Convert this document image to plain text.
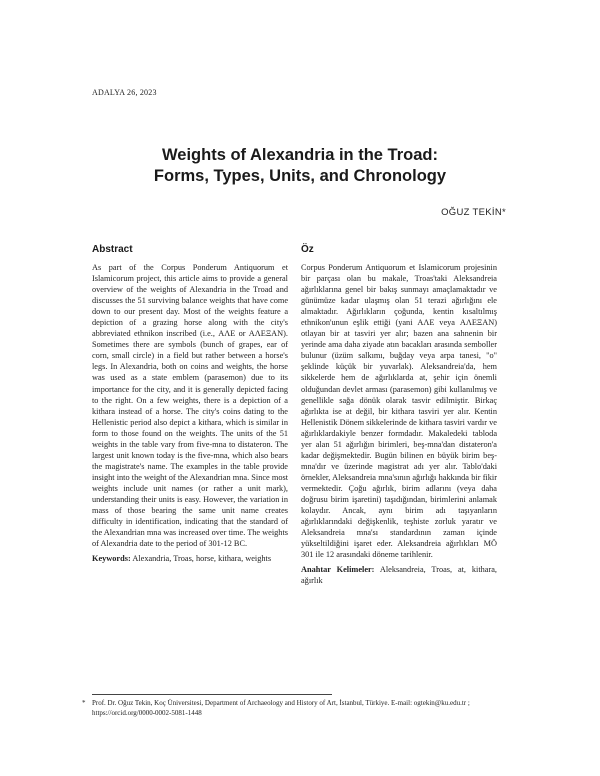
ADALYA 26, 2023
Weights of Alexandria in the Troad:
Forms, Types, Units, and Chronology
OĞUZ TEKİN*
Abstract

As part of the Corpus Ponderum Antiquorum et Islamicorum project, this article aims to provide a general overview of the weights of Alexandria in the Troad and discusses the 51 surviving balance weights that have come down to our present day. Most of the weights feature a depiction of a grazing horse along with the city's abbreviated ethnikon inscribed (i.e., ΑΛΕ or ΑΛΕΞΑΝ). Sometimes there are symbols (bunch of grapes, ear of corn, small circle) in a field but rather between a horse's legs. In Alexandria, both on coins and weights, the horse was used as a state emblem (parasemon) due to its importance for the city, and it is generally depicted facing to the right. On a few weights, there is a depiction of a kithara instead of a horse. The city's coins dating to the Hellenistic period also depict a kithara, which is similar in form to those found on the weights. The units of the 51 weights in the table vary from five-mna to distateron. The largest unit known today is the five-mna, which also bears the magistrate's name. The examples in the table provide insight into the weight of the Alexandrian mna. Since most weights include unit names (or rather a unit mark), understanding their units is easy. However, the variation in mass of those bearing the same unit name creates difficulty in identification, indicating that the standard of the Alexandrian mna was increased over time. The weights of Alexandria date to the period of 301-12 BC.

Keywords: Alexandria, Troas, horse, kithara, weights

Öz

Corpus Ponderum Antiquorum et Islamicorum projesinin bir parçası olan bu makale, Troas'taki Aleksandreia ağırlıklarına genel bir bakış sunmayı amaçlamaktadır ve günümüze kadar ulaşmış olan 51 terazi ağırlığını ele almaktadır. Ağırlıkların çoğunda, kentin kısaltılmış ethnikon'unun eşlik ettiği (yani ΑΛΕ veya ΑΛΕΞΑΝ) otlayan bir at tasviri yer alır; bazen ana sahnenin bir yerinde ama daha ziyade atın bacakları arasında semboller bulunur (üzüm salkımı, buğday veya arpa tanesi, "o" şeklinde küçük bir yuvarlak). Aleksandreia'da, hem sikkelerde hem de ağırlıklarda at, şehir için önemli olduğundan devlet arması (parasemon) gibi kullanılmış ve genellikle sağa dönük olarak tasvir edilmiştir. Birkaç ağırlıkta ise at değil, bir kithara tasviri yer alır. Kentin Hellenistik Dönem sikkelerinde de kithara tasviri vardır ve ağırlıklardakiyle benzer formdadır. Makaledeki tabloda yer alan 51 ağırlığın birimleri, beş-mna'dan distateron'a kadar değişmektedir. Bugün bilinen en büyük birim beş-mna'dır ve üzerinde magistrat adı yer alır. Tablo'daki örnekler, Aleksandreia mna'sının ağırlığı hakkında bir fikir vermektedir. Çoğu ağırlık, birim adlarını (veya daha doğrusu birim işaretini) taşıdığından, birimlerini anlamak kolaydır. Ancak, aynı birim adı taşıyanların ağırlıklarındaki değişkenlik, teşhiste zorluk yaratır ve Aleksandreia mna'sı standardının zaman içinde yükseltildiğini işaret eder. Aleksandreia ağırlıkları MÖ 301 ile 12 arasındaki döneme tarihlenir.

Anahtar Kelimeler: Aleksandreia, Troas, at, kithara, ağırlık

* Prof. Dr. Oğuz Tekin, Koç Üniversitesi, Department of Archaeology and History of Art, İstanbul, Türkiye. E-mail: ogtekin@ku.edu.tr ; https://orcid.org/0000-0002-5081-1448
